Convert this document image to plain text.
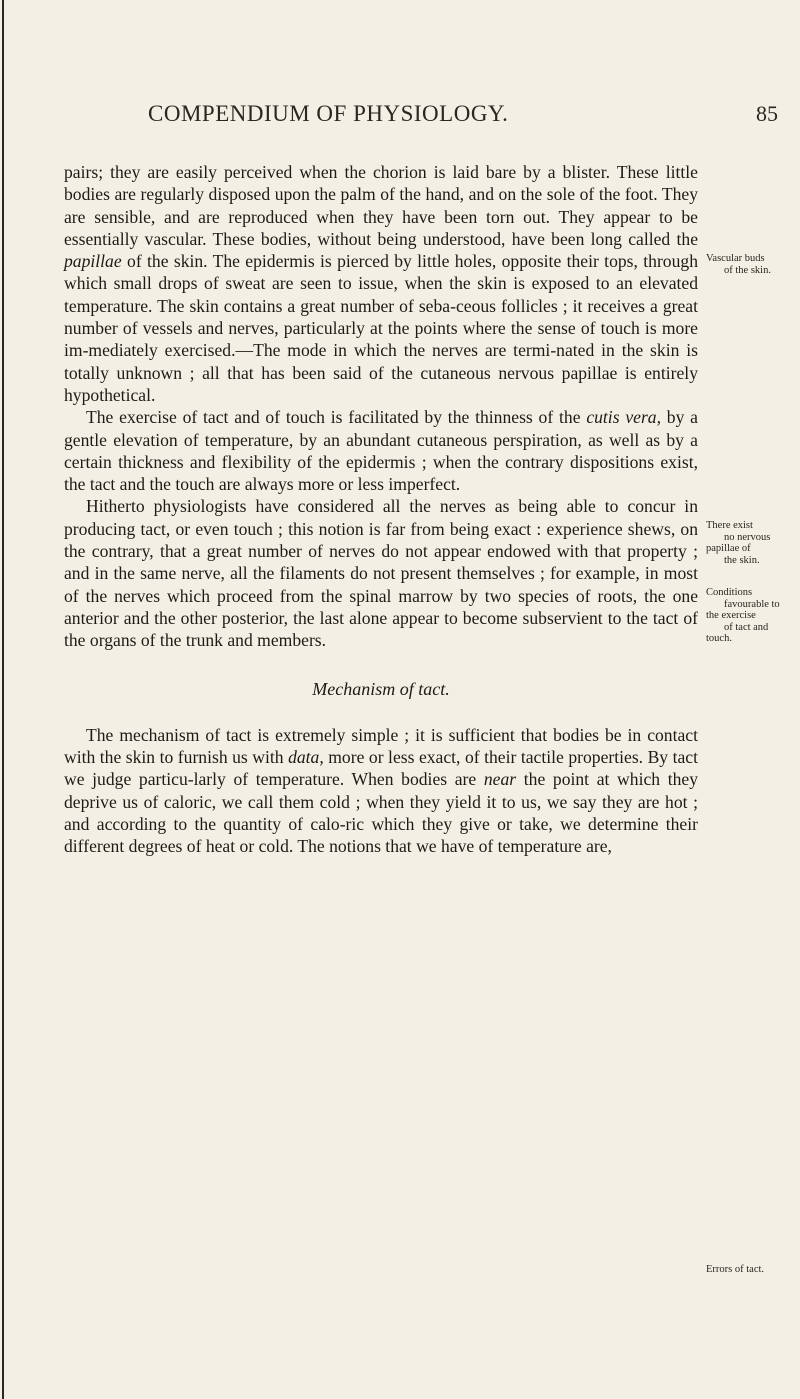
COMPENDIUM OF PHYSIOLOGY.	85

pairs; they are easily perceived when the chorion is laid bare by a blister. These little bodies are regularly disposed upon the palm of the hand, and on the sole of the foot. They are sensible, and are reproduced when they have been torn out. They appear to be essentially vascular. These bodies, without being understood, have been long called the papillae of the skin. The epidermis is pierced by little holes, opposite their tops, through which small drops of sweat are seen to issue, when the skin is exposed to an elevated temperature. The skin contains a great number of seba-ceous follicles ; it receives a great number of vessels and nerves, particularly at the points where the sense of touch is more im-mediately exercised.—The mode in which the nerves are termi-nated in the skin is totally unknown ; all that has been said of the cutaneous nervous papillae is entirely hypothetical.

The exercise of tact and of touch is facilitated by the thinness of the cutis vera, by a gentle elevation of temperature, by an abundant cutaneous perspiration, as well as by a certain thickness and flexibility of the epidermis ; when the contrary dispositions exist, the tact and the touch are always more or less imperfect.

Hitherto physiologists have considered all the nerves as being able to concur in producing tact, or even touch ; this notion is far from being exact : experience shews, on the contrary, that a great number of nerves do not appear endowed with that property ; and in the same nerve, all the filaments do not present themselves ; for example, in most of the nerves which proceed from the spinal marrow by two species of roots, the one anterior and the other posterior, the last alone appear to become subservient to the tact of the organs of the trunk and members.

Mechanism of tact.

The mechanism of tact is extremely simple ; it is sufficient that bodies be in contact with the skin to furnish us with data, more or less exact, of their tactile properties. By tact we judge particu-larly of temperature. When bodies are near the point at which they deprive us of caloric, we call them cold ; when they yield it to us, we say they are hot ; and according to the quantity of calo-ric which they give or take, we determine their different degrees of heat or cold. The notions that we have of temperature are,

Vascular buds
of the skin.
There exist
no nervous
papillae of
the skin.
Conditions
favourable to
the exercise
of tact and
touch.
Errors of tact.
